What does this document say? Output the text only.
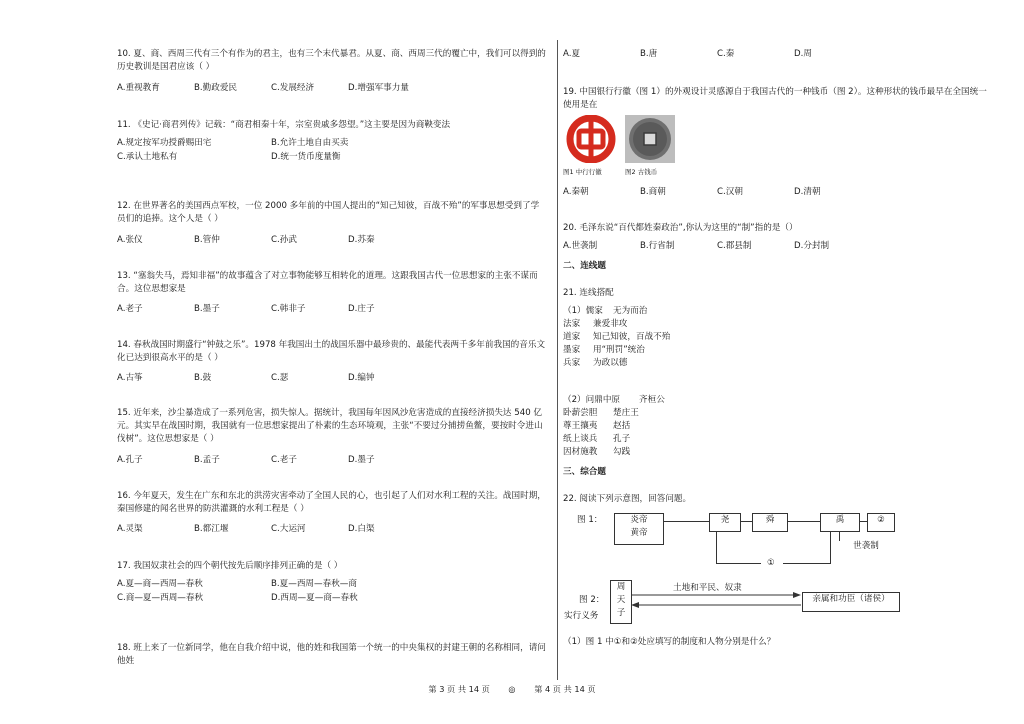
10. 夏、商、西周三代有三个有作为的君主，也有三个末代暴君。从夏、商、西周三代的覆亡中，我们可以得到的历史教训是国君应该（ ）
A.重视教育	B.勤政爱民	C.发展经济	D.增强军事力量
11. 《史记·商君列传》记载：“商君相秦十年，宗室贵戚多怨望。”这主要是因为商鞅变法
A.规定按军功授爵赐田宅	B.允许土地自由买卖
C.承认土地私有	D.统一货币度量衡
12. 在世界著名的美国西点军校，一位 2000 多年前的中国人提出的“知己知彼，百战不殆”的军事思想受到了学员们的追捧。这个人是（ ）
A.张仪	B.管仲	C.孙武	D.苏秦
13. “塞翁失马，焉知非福”的故事蕴含了对立事物能够互相转化的道理。这跟我国古代一位思想家的主张不谋而合。这位思想家是
A.老子	B.墨子	C.韩非子	D.庄子
14. 春秋战国时期盛行“钟鼓之乐”。1978 年我国出土的战国乐器中最珍贵的、最能代表两千多年前我国的音乐文化已达到很高水平的是（ ）
A.古筝	B.鼓	C.瑟	D.编钟
15. 近年来，沙尘暴造成了一系列危害，损失惊人。据统计，我国每年因风沙危害造成的直接经济损失达 540 亿元。其实早在战国时期，我国就有一位思想家提出了朴素的生态环境观，主张“不要过分捕捞鱼鳖，要按时令进山伐树”。这位思想家是（ ）
A.孔子	B.孟子	C.老子	D.墨子
16. 今年夏天，发生在广东和东北的洪涝灾害牵动了全国人民的心，也引起了人们对水利工程的关注。战国时期，秦国修建的闻名世界的防洪灌溉的水利工程是（ ）
A.灵渠	B.都江堰	C.大运河	D.白渠
17. 我国奴隶社会的四个朝代按先后顺序排列正确的是（ ）
A.夏—商—西周—春秋	B.夏—西周—春秋—商
C.商—夏—西周—春秋	D.西周—夏—商—春秋
18. 班上来了一位新同学，他在自我介绍中说，他的姓和我国第一个统一的中央集权的封建王朝的名称相同，请问他姓
A.夏	B.唐	C.秦	D.周
19. 中国银行行徽（图 1）的外观设计灵感源自于我国古代的一种钱币（图 2）。这种形状的钱币最早在全国统一使用是在
图1 中行行徽	图2 古钱币
A.秦朝	B.商朝	C.汉朝	D.清朝
20. 毛泽东说“百代都姓秦政治”,你认为这里的“制”指的是（）
A.世袭制	B.行省制	C.郡县制	D.分封制
二、连线题
21. 连线搭配
（1）儒家 无为而治
法家 兼爱非攻
道家 知己知彼，百战不殆
墨家 用“刑罚”统治
兵家 为政以德
（2）问鼎中原 齐桓公
卧薪尝胆 楚庄王
尊王攘夷 赵括
纸上谈兵 孔子
因材施教 勾践
三、综合题
22. 阅读下列示意图，回答问题。
图 1：	炎帝
黄帝
尧	舜	禹	②
①
世袭制
图 2：
周
天
子
土地和平民、奴隶
实行义务
亲属和功臣（诸侯）
（1）图 1 中①和②处应填写的制度和人物分别是什么？
第 3 页 共 14 页 ◎ 第 4 页 共 14 页
